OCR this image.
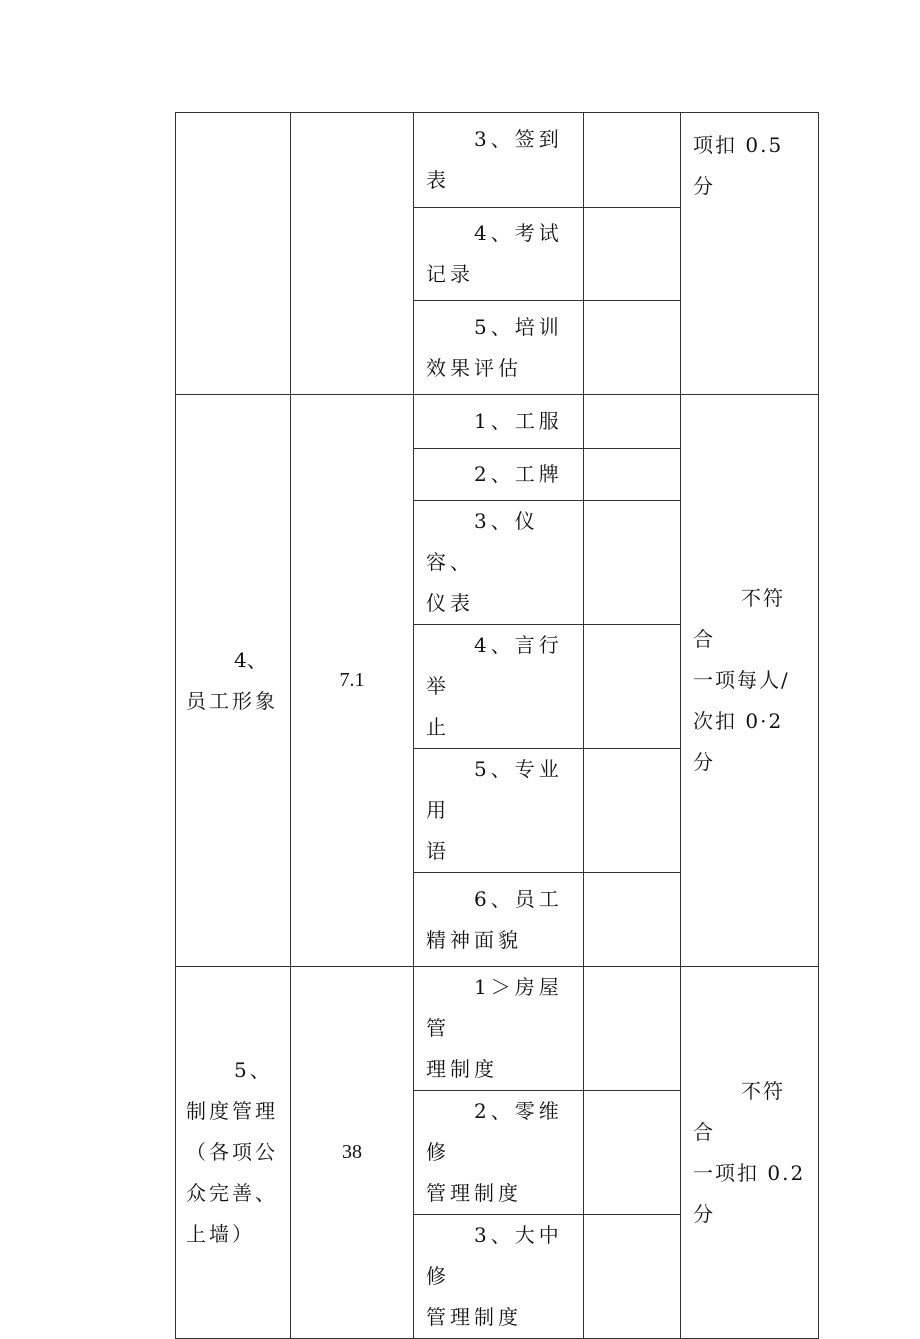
		3、签到
表		项扣 0.5
分

		4、考试
记录		

		5、培训
效果评估		

4、
员工形象	7.1	1、工服		不符合
一项每人/
次扣 0·2 分

		2、工牌		

		3、仪容、
仪表		

		4、言行举
止		

		5、专业用
语		

		6、员工
精神面貌		

5、
制度管理
（各项公
众完善、
上墙）	38	1＞房屋管
理制度		不符合
一项扣 0.2
分

		2、零维修
管理制度		

		3、大中修
管理制度		
